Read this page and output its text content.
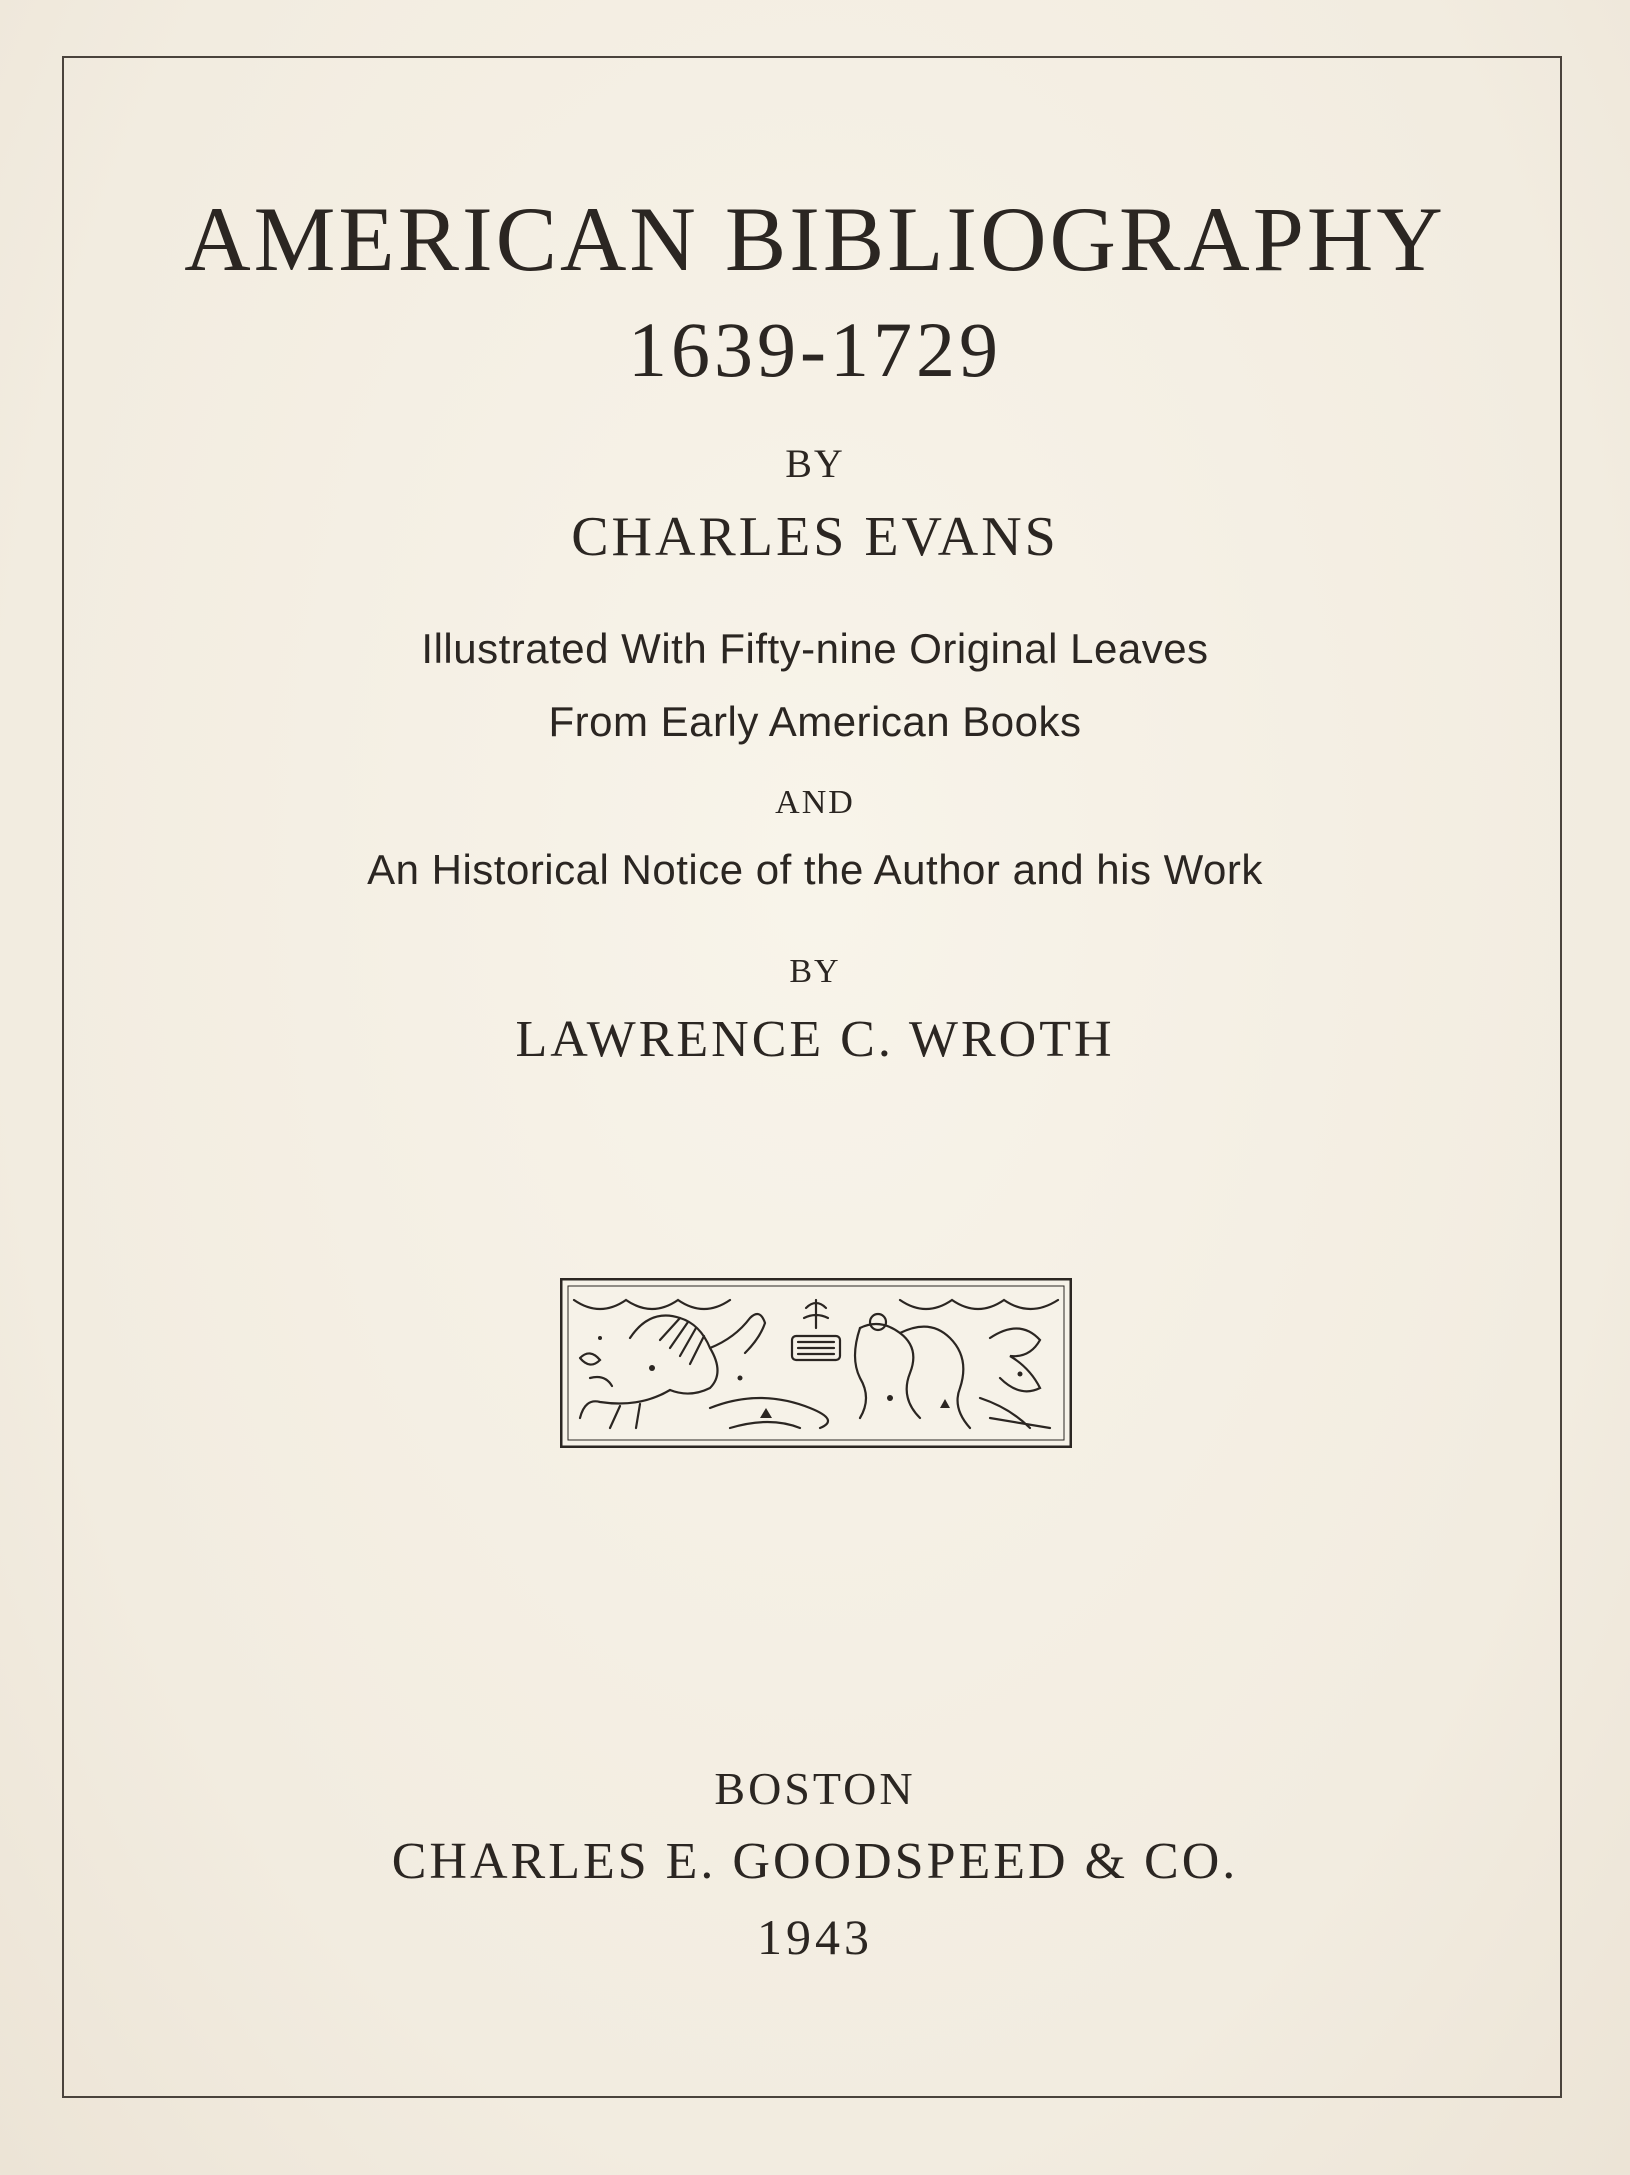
AMERICAN BIBLIOGRAPHY
1639-1729
BY
CHARLES EVANS
Illustrated With Fifty-nine Original Leaves
From Early American Books
AND
An Historical Notice of the Author and his Work
BY
LAWRENCE C. WROTH
BOSTON
CHARLES E. GOODSPEED & CO.
1943
